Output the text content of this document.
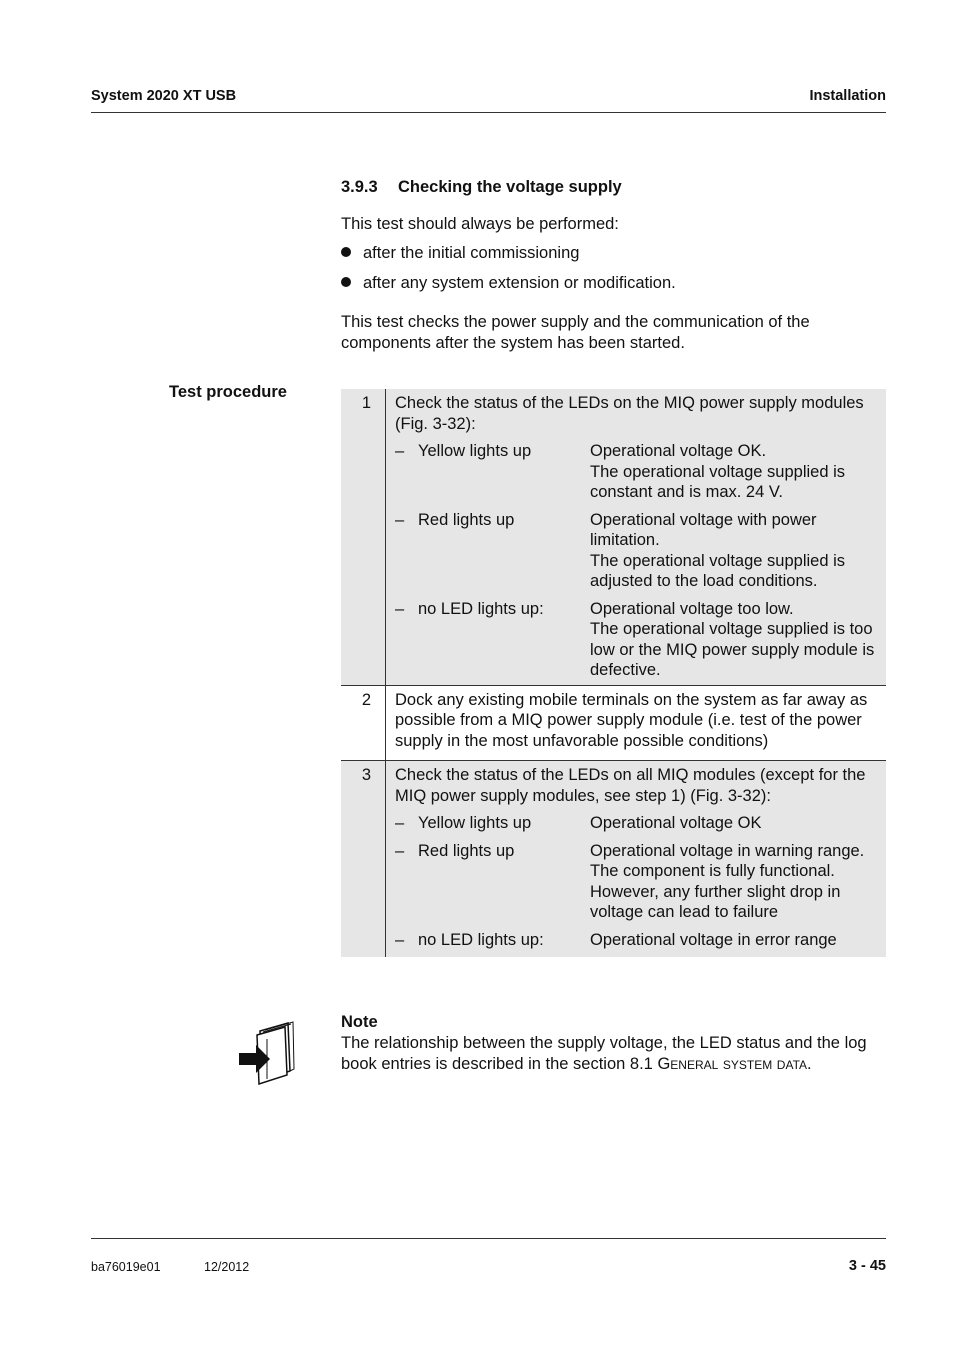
System 2020 XT USB	Installation
3.9.3 Checking the voltage supply
This test should always be performed:
after the initial commissioning
after any system extension or modification.
This test checks the power supply and the communication of the components after the system has been started.
Test procedure
1	Check the status of the LEDs on the MIQ power supply modules (Fig. 3-32):
– Yellow lights up	Operational voltage OK.
The operational voltage supplied is constant and is max. 24 V.
– Red lights up	Operational voltage with power limitation.
The operational voltage supplied is adjusted to the load conditions.
– no LED lights up:	Operational voltage too low.
The operational voltage supplied is too low or the MIQ power supply module is defective.
2	Dock any existing mobile terminals on the system as far away as possible from a MIQ power supply module (i.e. test of the power supply in the most unfavorable possible conditions)
3	Check the status of the LEDs on all MIQ modules (except for the MIQ power supply modules, see step 1) (Fig. 3-32):
– Yellow lights up	Operational voltage OK
– Red lights up	Operational voltage in warning range. The component is fully functional. However, any further slight drop in voltage can lead to failure
– no LED lights up:	Operational voltage in error range
Note
The relationship between the supply voltage, the LED status and the log book entries is described in the section 8.1 General system data.
ba76019e01	12/2012	3 - 45
